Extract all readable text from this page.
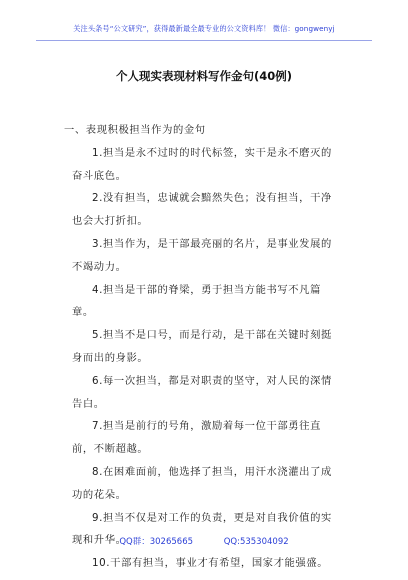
关注头条号“公文研究”，获得最新最全最专业的公文资料库！ 微信：gongwenyj
个人现实表现材料写作金句(40例)

一、表现积极担当作为的金句

1.担当是永不过时的时代标签，实干是永不磨灭的奋斗底色。

2.没有担当，忠诚就会黯然失色；没有担当，干净也会大打折扣。

3.担当作为，是干部最亮丽的名片，是事业发展的不竭动力。

4.担当是干部的脊梁，勇于担当方能书写不凡篇章。

5.担当不是口号，而是行动，是干部在关键时刻挺身而出的身影。

6.每一次担当，都是对职责的坚守，对人民的深情告白。

7.担当是前行的号角，激励着每一位干部勇往直前，不断超越。

8.在困难面前，他选择了担当，用汗水浇灌出了成功的花朵。

9.担当不仅是对工作的负责，更是对自我价值的实现和升华。

10.干部有担当，事业才有希望，国家才能强盛。

QQ群：30265665	QQ:535304092
